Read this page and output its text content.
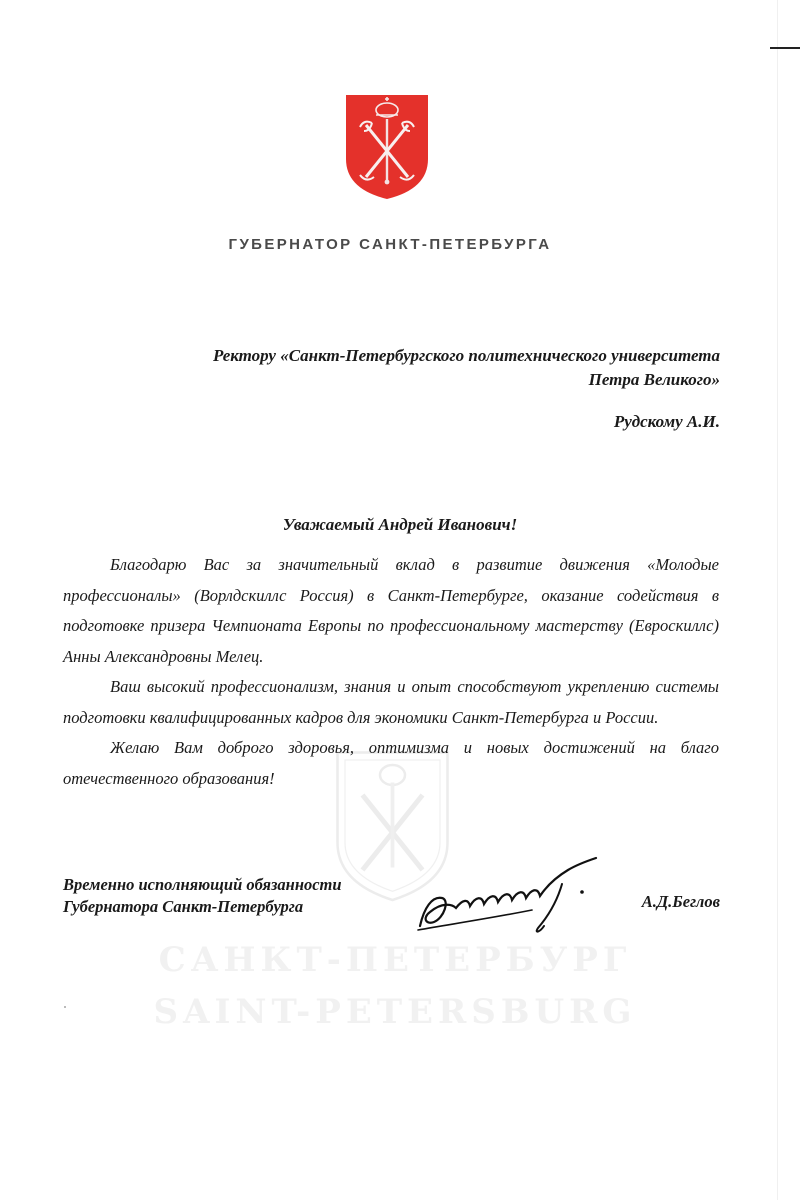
САНКТ-ПЕТЕРБУРГ
SAINT-PETERSBURG
ГУБЕРНАТОР САНКТ-ПЕТЕРБУРГА
Ректору «Санкт-Петербургского политехнического университета
Петра Великого»
Рудскому А.И.
Уважаемый Андрей Иванович!

Благодарю Вас за значительный вклад в развитие движения «Молодые профессионалы» (Ворлдскиллс Россия) в Санкт-Петербурге, оказание содействия в подготовке призера Чемпионата Европы по профессиональному мастерству (Евроскиллс) Анны Александровны Мелец.

Ваш высокий профессионализм, знания и опыт способствуют укреплению системы подготовки квалифицированных кадров для экономики Санкт-Петербурга и России.

Желаю Вам доброго здоровья, оптимизма и новых достижений на благо отечественного образования!

Временно исполняющий обязанности
Губернатора Санкт-Петербурга	А.Д.Беглов
